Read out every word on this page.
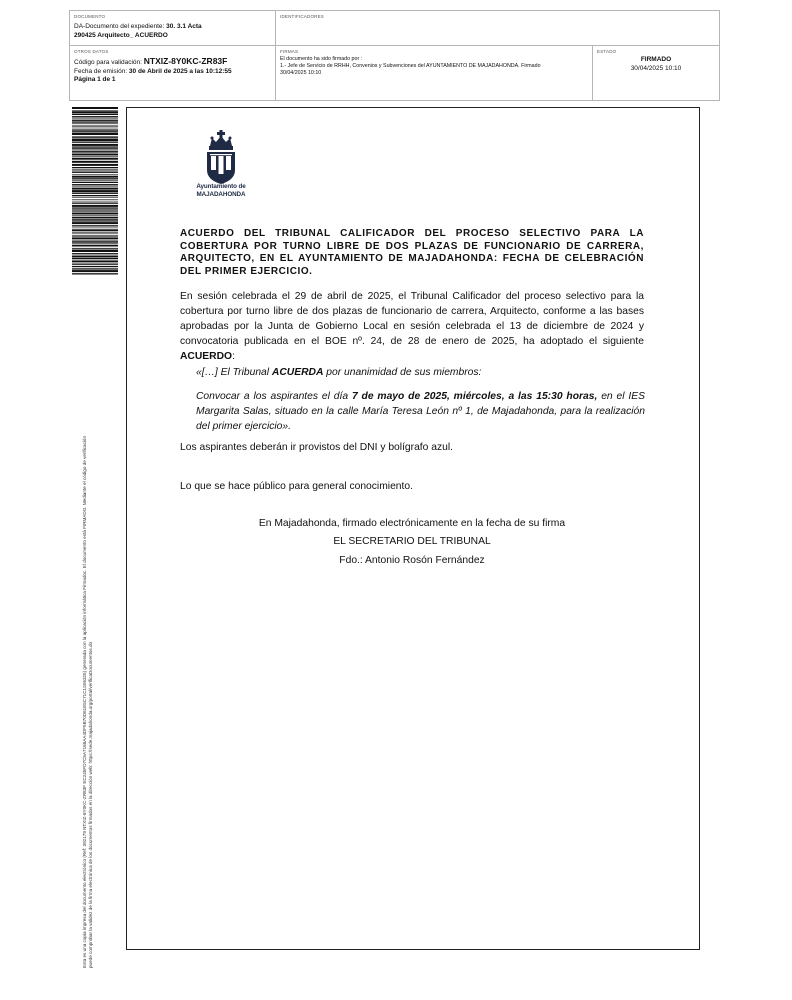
DOCUMENTO
DA-Documento del expediente: 30. 3.1 Acta
290425 Arquitecto_ ACUERDO
IDENTIFICADORES
OTROS DATOS
Código para validación: NTXIZ-8Y0KC-ZR83F
Fecha de emisión: 30 de Abril de 2025 a las 10:12:55
Página 1 de 1
FIRMAS
El documento ha sido firmado por :
1.- Jefe de Servicio de RRHH, Convenios y Subvenciones del AYUNTAMIENTO DE MAJADAHONDA. Firmado
30/04/2025 10:10
ESTADO
FIRMADO
30/04/2025 10:10
Esta es una copia impresa del documento electrónico (Ref: 392179 NTXIZ-8Y0KC-ZR83F EC245FD7C5A7168AA4DF5B70D61E5C71C11E6325) generada con la aplicación informática Firmadoc. El documento está FIRMADO. Mediante el código de verificación puede comprobar la validez de la firma electrónica de los documentos firmados en la dirección web: https://sede.majadahonda.org/portal/verificaDocumentos.do
Ayuntamiento de
MAJADAHONDA
ACUERDO DEL TRIBUNAL CALIFICADOR DEL PROCESO SELECTIVO PARA LA COBERTURA POR TURNO LIBRE DE DOS PLAZAS DE FUNCIONARIO DE CARRERA, ARQUITECTO, EN EL AYUNTAMIENTO DE MAJADAHONDA: FECHA DE CELEBRACIÓN DEL PRIMER EJERCICIO.
En sesión celebrada el 29 de abril de 2025, el Tribunal Calificador del proceso selectivo para la cobertura por turno libre de dos plazas de funcionario de carrera, Arquitecto, conforme a las bases aprobadas por la Junta de Gobierno Local en sesión celebrada el 13 de diciembre de 2024 y convocatoria publicada en el BOE nº. 24, de 28 de enero de 2025, ha adoptado el siguiente ACUERDO:
«[…] El Tribunal ACUERDA por unanimidad de sus miembros:
Convocar a los aspirantes el día 7 de mayo de 2025, miércoles, a las 15:30 horas, en el IES Margarita Salas, situado en la calle María Teresa León nº 1, de Majadahonda, para la realización del primer ejercicio».
Los aspirantes deberán ir provistos del DNI y bolígrafo azul.
Lo que se hace público para general conocimiento.
En Majadahonda, firmado electrónicamente en la fecha de su firma
EL SECRETARIO DEL TRIBUNAL
Fdo.: Antonio Rosón Fernández
